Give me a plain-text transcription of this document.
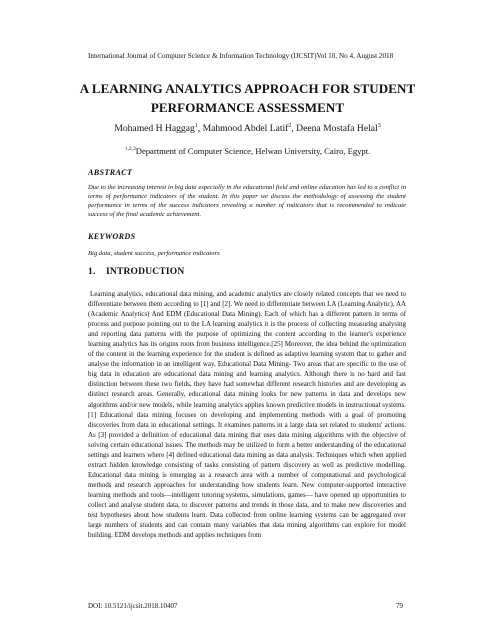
International Journal of Computer Science & Information Technology (IJCSIT)Vol 10, No 4, August 2018
A LEARNING ANALYTICS APPROACH FOR STUDENT
PERFORMANCE ASSESSMENT
Mohamed H Haggag$^1$, Mahmood Abdel Latif$^2$, Deena Mostafa Helal$^3$
$^{1,2,3}$Department of Computer Science, Helwan University, Cairo, Egypt.
ABSTRACT
Due to the increasing interest in big data especially in the educational field and online education has led to a conflict in terms of performance indicators of the student. In this paper we discuss the methodology of assessing the student performance in terms of the success indicators revealing a number of indicators that is recommended to indicate success of the final academic achievement.
KEYWORDS
Big data, student success, performance indicators
1. INTRODUCTION
Learning analytics, educational data mining, and academic analytics are closely related concepts that we need to differentiate between them according to [1] and [2]. We need to differentiate between LA (Learning Analytic), AA (Academic Analytics) And EDM (Educational Data Mining). Each of which has a different pattern in terms of process and purpose pointing out to the LA learning analytics it is the process of collecting measuring analysing and reporting data patterns with the purpose of optimizing the content according to the learner's experience learning analytics has its origins roots from business intelligence.[25] Moreover, the idea behind the optimization of the content in the learning experience for the student is defined as adaptive learning system that to gather and analyse the information in an intelligent way, Educational Data Mining- Two areas that are specific to the use of big data in education are educational data mining and learning analytics. Although there is no hard and fast distinction between these two fields, they have had somewhat different research histories and are developing as distinct research areas. Generally, educational data mining looks for new patterns in data and develops new algorithms and/or new models, while learning analytics applies known predictive models in instructional systems. [1] Educational data mining focuses on developing and implementing methods with a goal of promoting discoveries from data in educational settings. It examines patterns in a large data set related to students' actions. As [3] provided a definition of educational data mining that uses data mining algorithms with the objective of solving certain educational issues. The methods may be utilized to form a better understanding of the educational settings and learners where [4] defined educational data mining as data analysis. Techniques which when applied extract hidden knowledge consisting of tasks consisting of pattern discovery as well as predictive modelling. Educational data mining is emerging as a research area with a number of computational and psychological methods and research approaches for understanding how students learn. New computer-supported interactive learning methods and tools—intelligent tutoring systems, simulations, games— have opened up opportunities to collect and analyse student data, to discover patterns and trends in those data, and to make new discoveries and test hypotheses about how students learn. Data collected from online learning systems can be aggregated over large numbers of students and can contain many variables that data mining algorithms can explore for model building. EDM develops methods and applies techniques from
DOI: 10.5121/ijcsit.2018.10407	79
